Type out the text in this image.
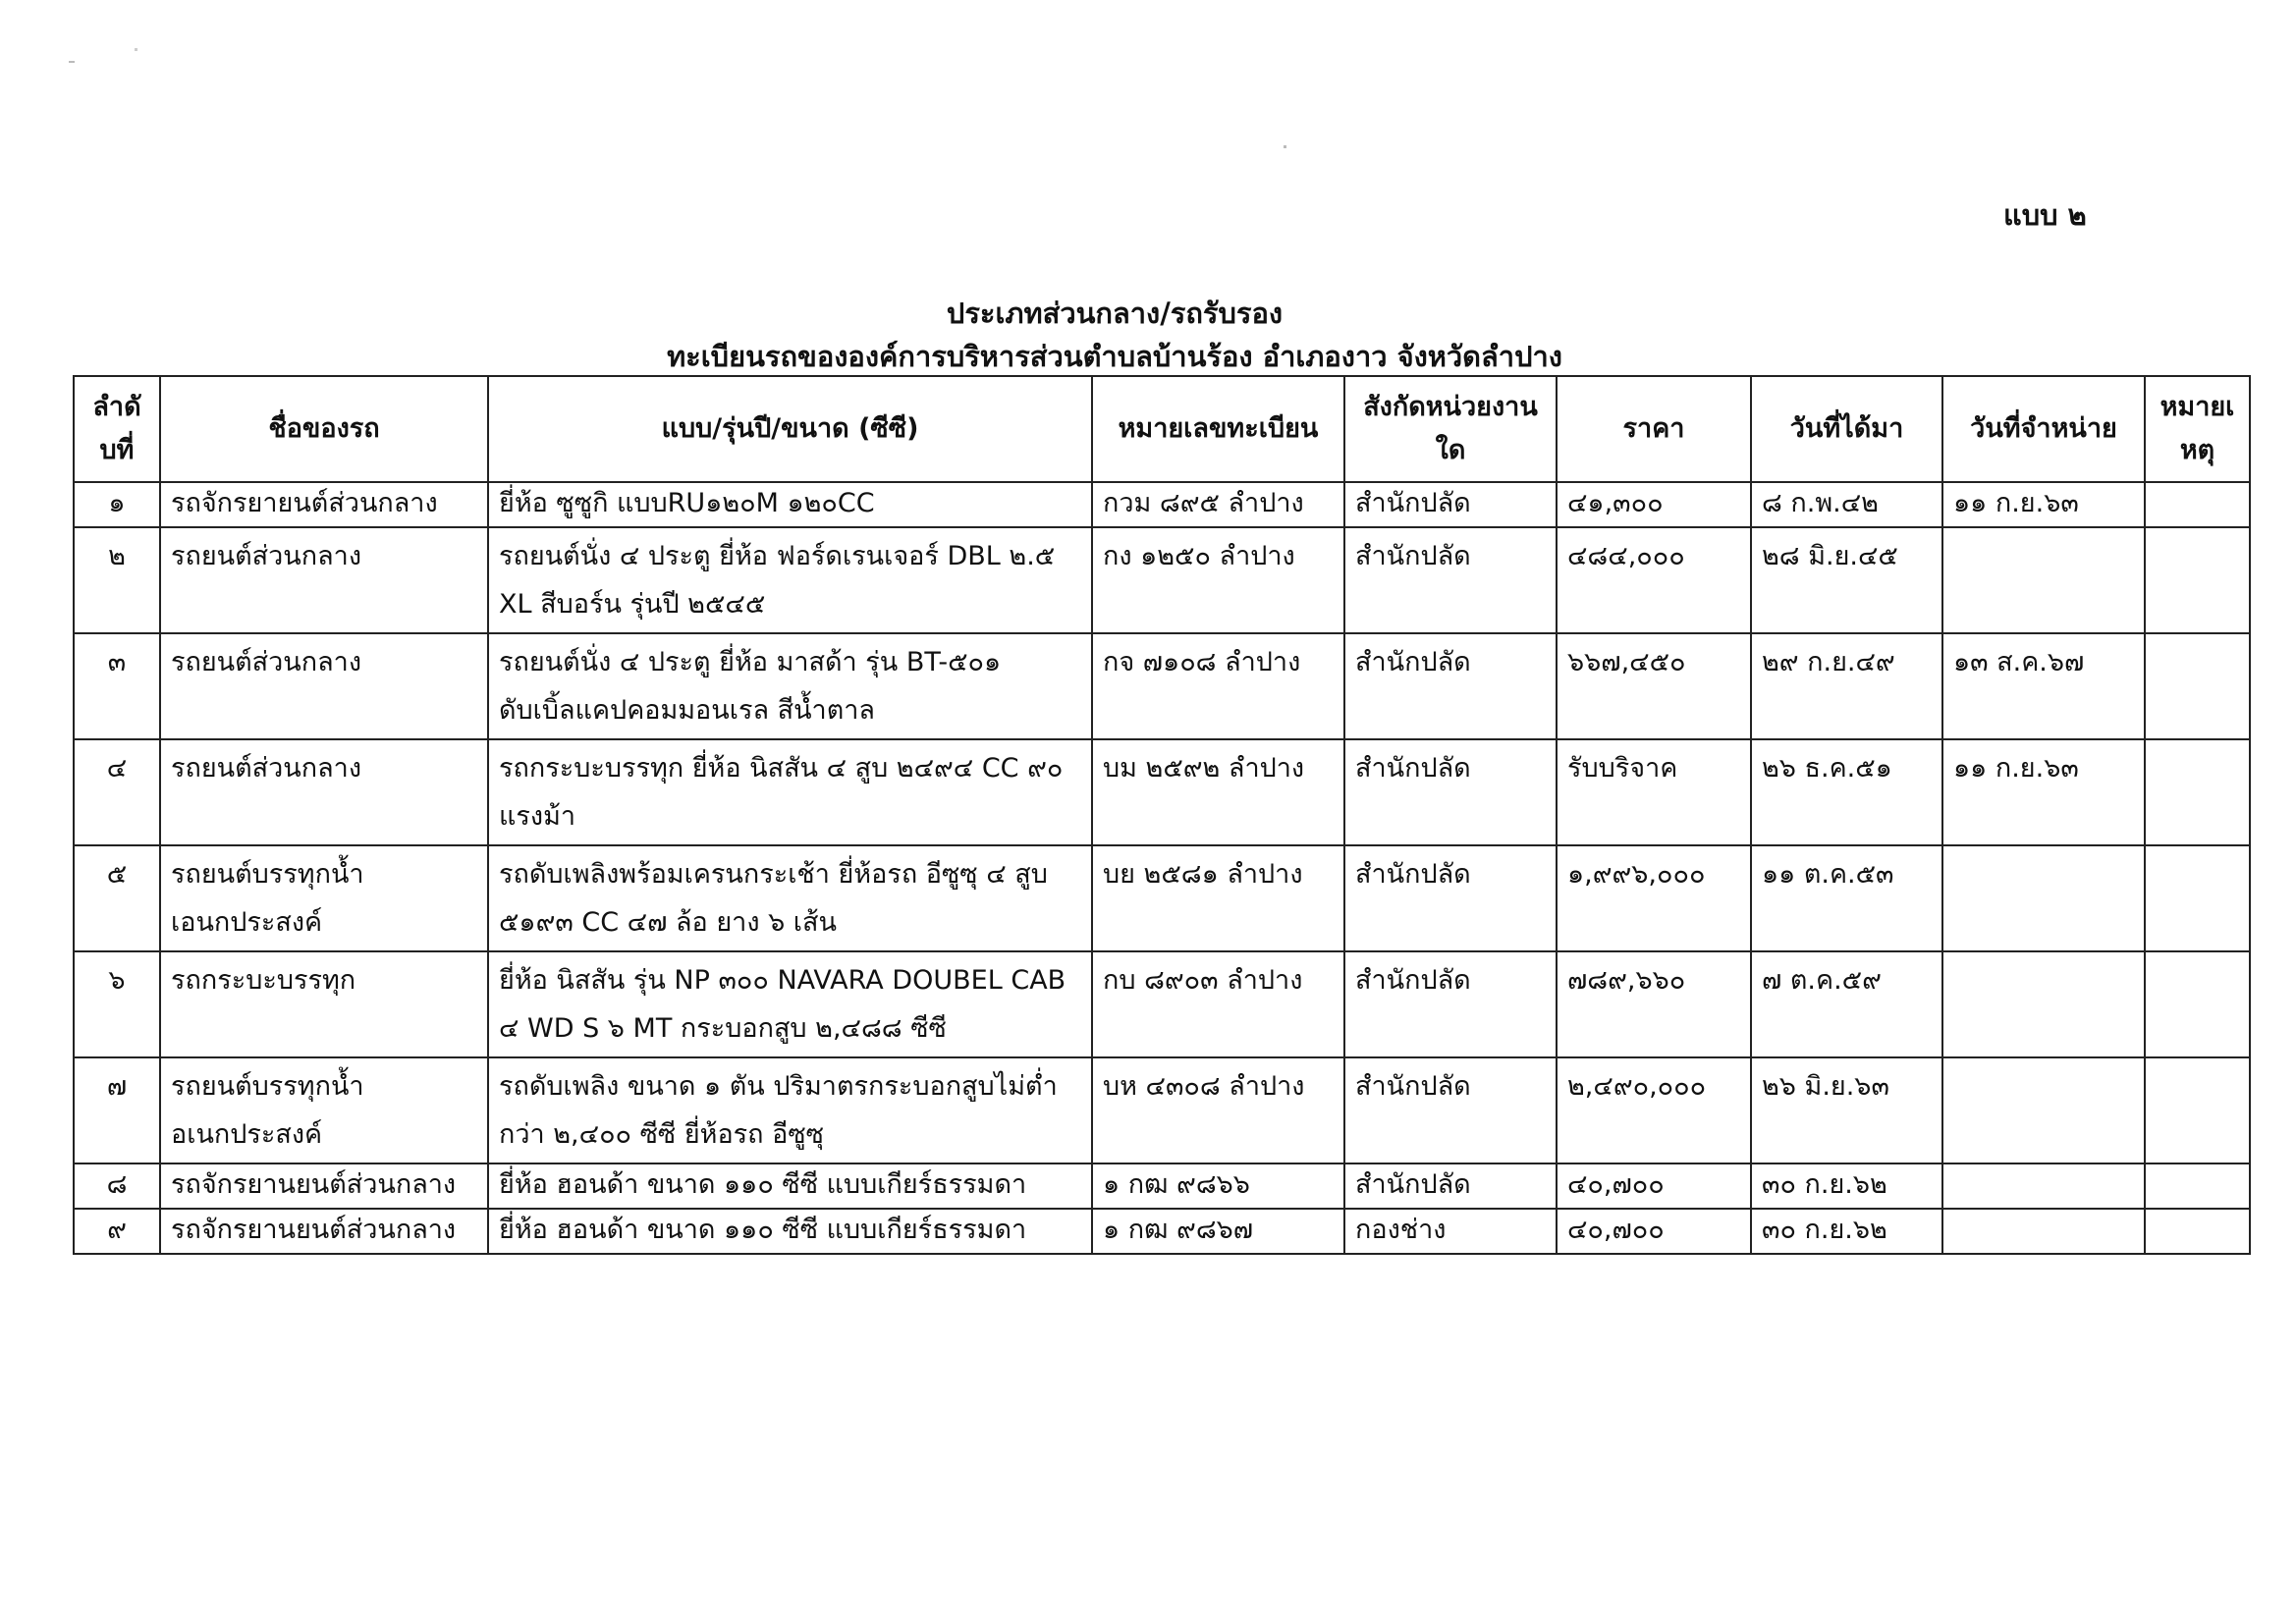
แบบ ๒
ประเภทส่วนกลาง/รถรับรอง
ทะเบียนรถขององค์การบริหารส่วนตำบลบ้านร้อง อำเภองาว จังหวัดลำปาง
ลำดับที่	ชื่อของรถ	แบบ/รุ่นปี/ขนาด (ซีซี)	หมายเลขทะเบียน	สังกัดหน่วยงานใด	ราคา	วันที่ได้มา	วันที่จำหน่าย	หมายเหตุ
๑	รถจักรยายนต์ส่วนกลาง	ยี่ห้อ ซูซูกิ แบบRU๑๒๐M ๑๒๐CC	กวม ๘๙๕ ลำปาง	สำนักปลัด	๔๑,๓๐๐	๘ ก.พ.๔๒	๑๑ ก.ย.๖๓	
๒	รถยนต์ส่วนกลาง	รถยนต์นั่ง ๔ ประตู ยี่ห้อ ฟอร์ดเรนเจอร์ DBL ๒.๕ XL สีบอร์น รุ่นปี ๒๕๔๕	กง ๑๒๕๐ ลำปาง	สำนักปลัด	๔๘๔,๐๐๐	๒๘ มิ.ย.๔๕		
๓	รถยนต์ส่วนกลาง	รถยนต์นั่ง ๔ ประตู ยี่ห้อ มาสด้า รุ่น BT-๕๐๑ ดับเบิ้ลแคปคอมมอนเรล สีน้ำตาล	กจ ๗๑๐๘ ลำปาง	สำนักปลัด	๖๖๗,๔๕๐	๒๙ ก.ย.๔๙	๑๓ ส.ค.๖๗	
๔	รถยนต์ส่วนกลาง	รถกระบะบรรทุก ยี่ห้อ นิสสัน ๔ สูบ ๒๔๙๔ CC ๙๐ แรงม้า	บม ๒๕๙๒ ลำปาง	สำนักปลัด	รับบริจาค	๒๖ ธ.ค.๕๑	๑๑ ก.ย.๖๓	
๕	รถยนต์บรรทุกน้ำ เอนกประสงค์	รถดับเพลิงพร้อมเครนกระเช้า ยี่ห้อรถ อีซูซุ ๔ สูบ ๕๑๙๓ CC ๔๗ ล้อ ยาง ๖ เส้น	บย ๒๕๘๑ ลำปาง	สำนักปลัด	๑,๙๙๖,๐๐๐	๑๑ ต.ค.๕๓		
๖	รถกระบะบรรทุก	ยี่ห้อ นิสสัน รุ่น NP ๓๐๐ NAVARA DOUBEL CAB ๔ WD S ๖ MT กระบอกสูบ ๒,๔๘๘ ซีซี	กบ ๘๙๐๓ ลำปาง	สำนักปลัด	๗๘๙,๖๖๐	๗ ต.ค.๕๙		
๗	รถยนต์บรรทุกน้ำ อเนกประสงค์	รถดับเพลิง ขนาด ๑ ตัน ปริมาตรกระบอกสูบไม่ต่ำกว่า ๒,๔๐๐ ซีซี ยี่ห้อรถ อีซูซุ	บห ๔๓๐๘ ลำปาง	สำนักปลัด	๒,๔๙๐,๐๐๐	๒๖ มิ.ย.๖๓		
๘	รถจักรยานยนต์ส่วนกลาง	ยี่ห้อ ฮอนด้า ขนาด ๑๑๐ ซีซี แบบเกียร์ธรรมดา	๑ กฒ ๙๘๖๖	สำนักปลัด	๔๐,๗๐๐	๓๐ ก.ย.๖๒		
๙	รถจักรยานยนต์ส่วนกลาง	ยี่ห้อ ฮอนด้า ขนาด ๑๑๐ ซีซี แบบเกียร์ธรรมดา	๑ กฒ ๙๘๖๗	กองช่าง	๔๐,๗๐๐	๓๐ ก.ย.๖๒		
